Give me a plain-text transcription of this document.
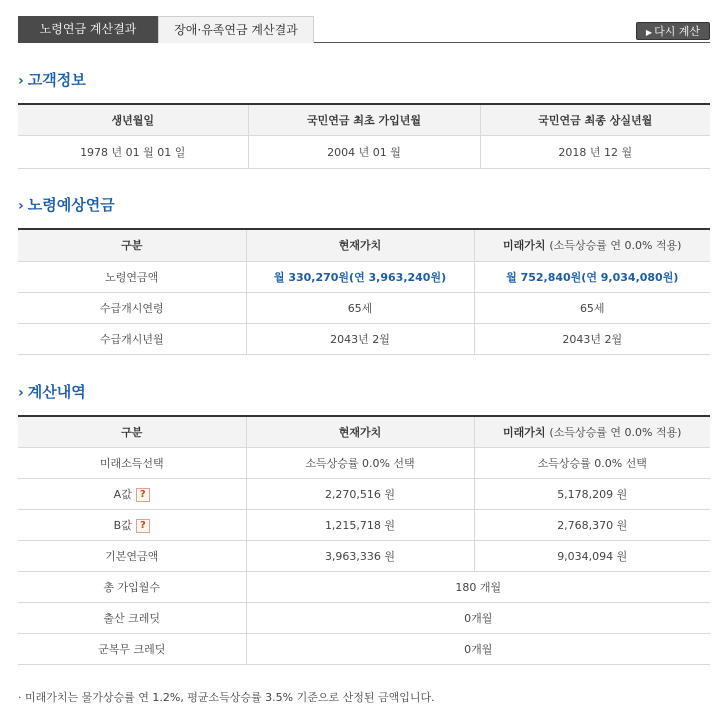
노령연금 계산결과	장애·유족연금 계산결과	▶ 다시 계산
› 고객정보
생년월일	국민연금 최초 가입년월	국민연금 최종 상실년월
1978 년 01 월 01 일	2004 년 01 월	2018 년 12 월
› 노령예상연금
구분	현재가치	미래가치 (소득상승률 연 0.0% 적용)
노령연금액	월 330,270원(연 3,963,240원)	월 752,840원(연 9,034,080원)
수급개시연령	65세	65세
수급개시년월	2043년 2월	2043년 2월
› 계산내역
구분	현재가치	미래가치 (소득상승률 연 0.0% 적용)
미래소득선택	소득상승률 0.0% 선택	소득상승률 0.0% 선택
A값 ?	2,270,516 원	5,178,209 원
B값 ?	1,215,718 원	2,768,370 원
기본연금액	3,963,336 원	9,034,094 원
총 가입월수	180 개월	
출산 크레딧	0개월	
군복무 크레딧	0개월	
· 미래가치는 물가상승률 연 1.2%, 평균소득상승률 3.5% 기준으로 산정된 금액입니다.
